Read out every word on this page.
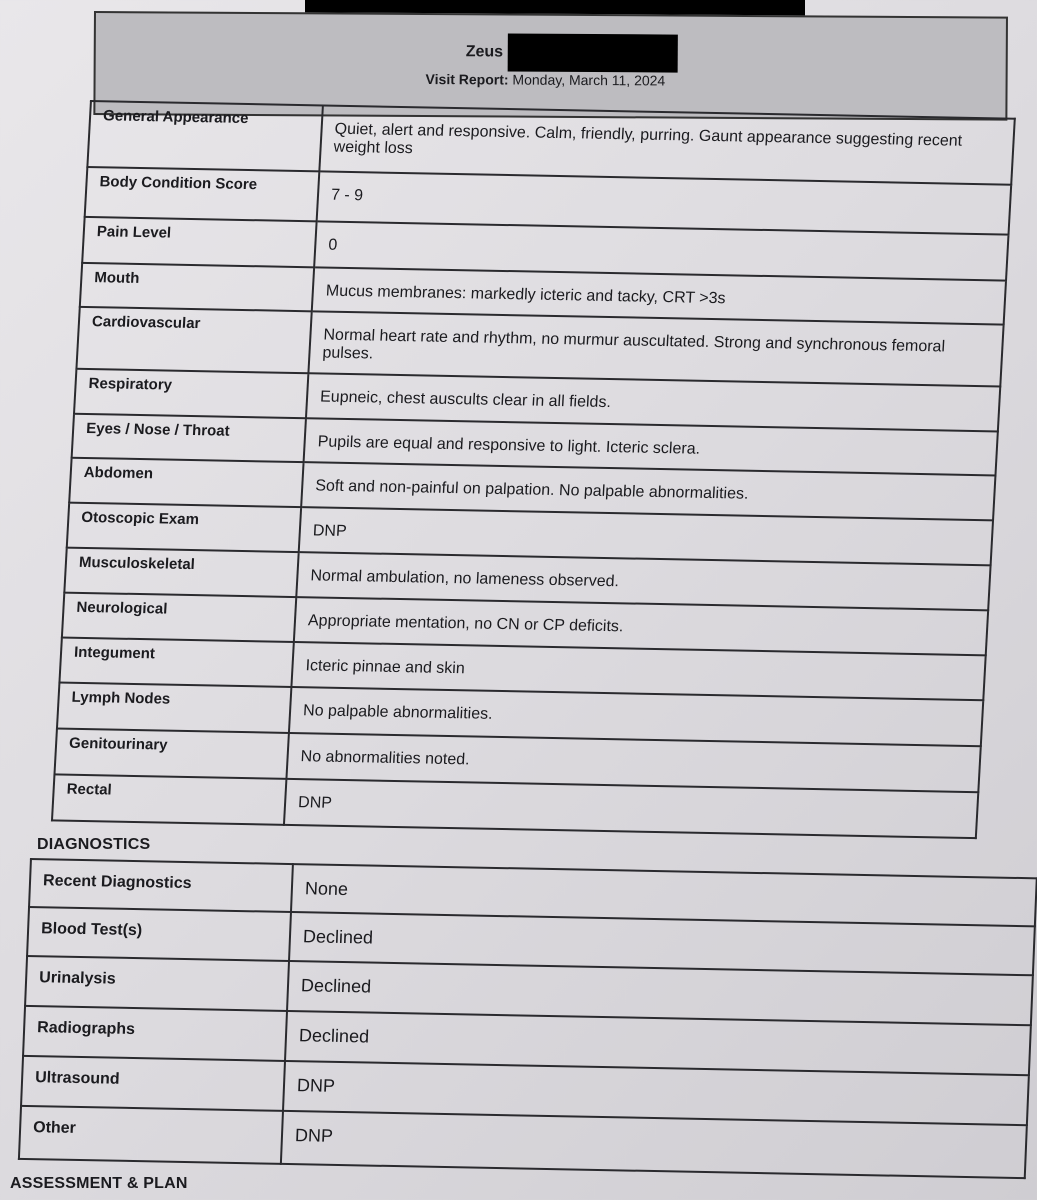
Zeus
Visit Report: Monday, March 11, 2024
General Appearance	Quiet, alert and responsive. Calm, friendly, purring. Gaunt appearance suggesting recent weight loss
Body Condition Score	7 - 9
Pain Level	0
Mouth	Mucus membranes: markedly icteric and tacky, CRT >3s
Cardiovascular	Normal heart rate and rhythm, no murmur auscultated. Strong and synchronous femoral pulses.
Respiratory	Eupneic, chest auscults clear in all fields.
Eyes / Nose / Throat	Pupils are equal and responsive to light. Icteric sclera.
Abdomen	Soft and non-painful on palpation. No palpable abnormalities.
Otoscopic Exam	DNP
Musculoskeletal	Normal ambulation, no lameness observed.
Neurological	Appropriate mentation, no CN or CP deficits.
Integument	Icteric pinnae and skin
Lymph Nodes	No palpable abnormalities.
Genitourinary	No abnormalities noted.
Rectal	DNP
DIAGNOSTICS
Recent Diagnostics	None
Blood Test(s)	Declined
Urinalysis	Declined
Radiographs	Declined
Ultrasound	DNP
Other	DNP
ASSESSMENT & PLAN
